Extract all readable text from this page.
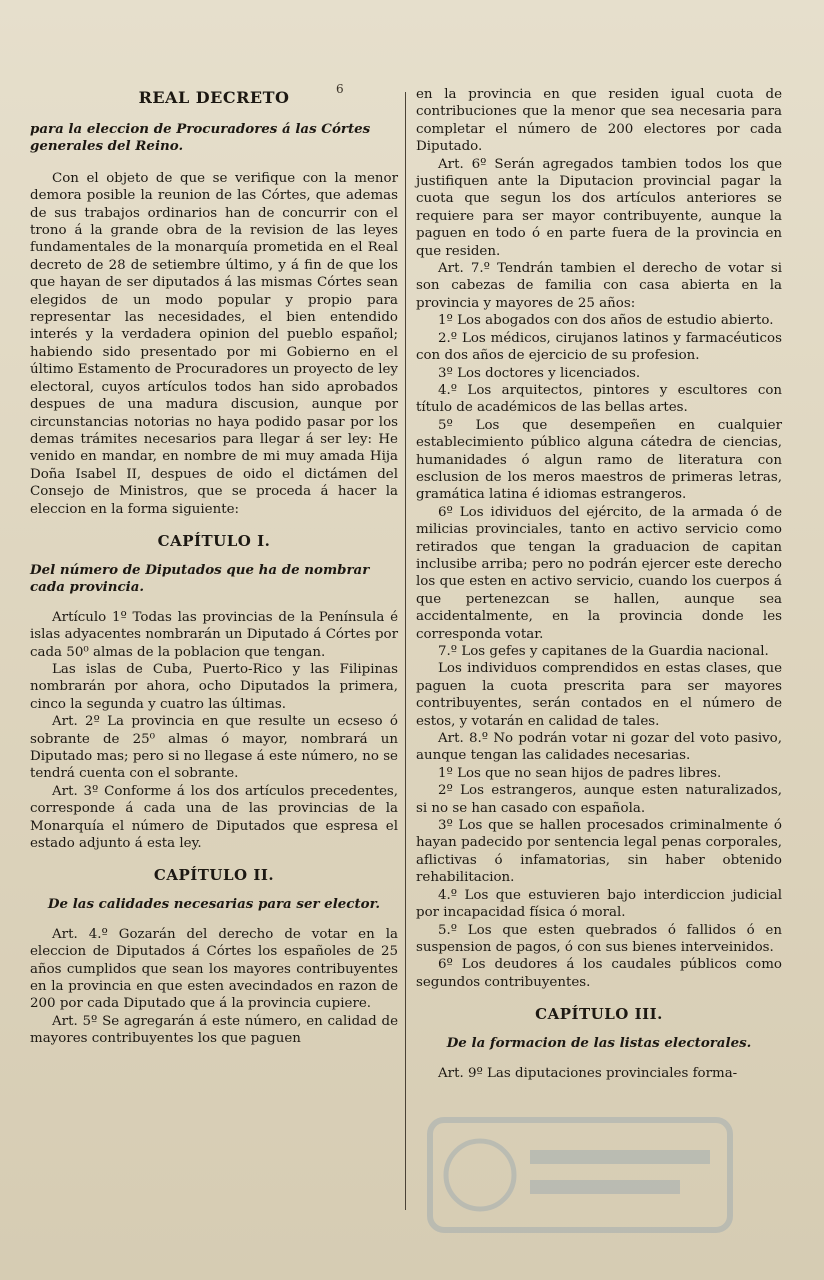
6
REAL DECRETO
para la eleccion de Procuradores á las Córtes generales del Reino.

Con el objeto de que se verifique con la menor demora posible la reunion de las Córtes, que ademas de sus trabajos ordinarios han de concurrir con el trono á la grande obra de la revision de las leyes fundamentales de la monarquía prometida en el Real decreto de 28 de setiembre último, y á fin de que los que hayan de ser diputados á las mismas Córtes sean elegidos de un modo popular y propio para representar las necesidades, el bien entendido interés y la verdadera opinion del pueblo español; habiendo sido presentado por mi Gobierno en el último Estamento de Procuradores un proyecto de ley electoral, cuyos artículos todos han sido aprobados despues de una madura discusion, aunque por circunstancias notorias no haya podido pasar por los demas trámites necesarios para llegar á ser ley: He venido en mandar, en nombre de mi muy amada Hija Doña Isabel II, despues de oido el dictámen del Consejo de Ministros, que se proceda á hacer la eleccion en la forma siguiente:

CAPÍTULO I.
Del número de Diputados que ha de nombrar cada provincia.

Artículo 1º Todas las provincias de la Península é islas adyacentes nombrarán un Diputado á Córtes por cada 50⁰ almas de la poblacion que tengan.

Las islas de Cuba, Puerto-Rico y las Filipinas nombrarán por ahora, ocho Diputados la primera, cinco la segunda y cuatro las últimas.

Art. 2º La provincia en que resulte un ecseso ó sobrante de 25⁰ almas ó mayor, nombrará un Diputado mas; pero si no llegase á este número, no se tendrá cuenta con el sobrante.

Art. 3º Conforme á los dos artículos precedentes, corresponde á cada una de las provincias de la Monarquía el número de Diputados que espresa el estado adjunto á esta ley.

CAPÍTULO II.
De las calidades necesarias para ser elector.

Art. 4.º Gozarán del derecho de votar en la eleccion de Diputados á Córtes los españoles de 25 años cumplidos que sean los mayores contribuyentes en la provincia en que esten avecindados en razon de 200 por cada Diputado que á la provincia cupiere.

Art. 5º Se agregarán á este número, en calidad de mayores contribuyentes los que paguen

en la provincia en que residen igual cuota de contribuciones que la menor que sea necesaria para completar el número de 200 electores por cada Diputado.

Art. 6º Serán agregados tambien todos los que justifiquen ante la Diputacion provincial pagar la cuota que segun los dos artículos anteriores se requiere para ser mayor contribuyente, aunque la paguen en todo ó en parte fuera de la provincia en que residen.

Art. 7.º Tendrán tambien el derecho de votar si son cabezas de familia con casa abierta en la provincia y mayores de 25 años:

1º Los abogados con dos años de estudio abierto.

2.º Los médicos, cirujanos latinos y farmacéuticos con dos años de ejercicio de su profesion.

3º Los doctores y licenciados.

4.º Los arquitectos, pintores y escultores con título de académicos de las bellas artes.

5º Los que desempeñen en cualquier establecimiento público alguna cátedra de ciencias, humanidades ó algun ramo de literatura con esclusion de los meros maestros de primeras letras, gramática latina é idiomas estrangeros.

6º Los idividuos del ejército, de la armada ó de milicias provinciales, tanto en activo servicio como retirados que tengan la graduacion de capitan inclusibe arriba; pero no podrán ejercer este derecho los que esten en activo servicio, cuando los cuerpos á que pertenezcan se hallen, aunque sea accidentalmente, en la provincia donde les corresponda votar.

7.º Los gefes y capitanes de la Guardia nacional.

Los individuos comprendidos en estas clases, que paguen la cuota prescrita para ser mayores contribuyentes, serán contados en el número de estos, y votarán en calidad de tales.

Art. 8.º No podrán votar ni gozar del voto pasivo, aunque tengan las calidades necesarias.

1º Los que no sean hijos de padres libres.

2º Los estrangeros, aunque esten naturalizados, si no se han casado con española.

3º Los que se hallen procesados criminalmente ó hayan padecido por sentencia legal penas corporales, aflictivas ó infamatorias, sin haber obtenido rehabilitacion.

4.º Los que estuvieren bajo interdiccion judicial por incapacidad física ó moral.

5.º Los que esten quebrados ó fallidos ó en suspension de pagos, ó con sus bienes interveinidos.

6º Los deudores á los caudales públicos como segundos contribuyentes.

CAPÍTULO III.
De la formacion de las listas electorales.

Art. 9º Las diputaciones provinciales forma-
